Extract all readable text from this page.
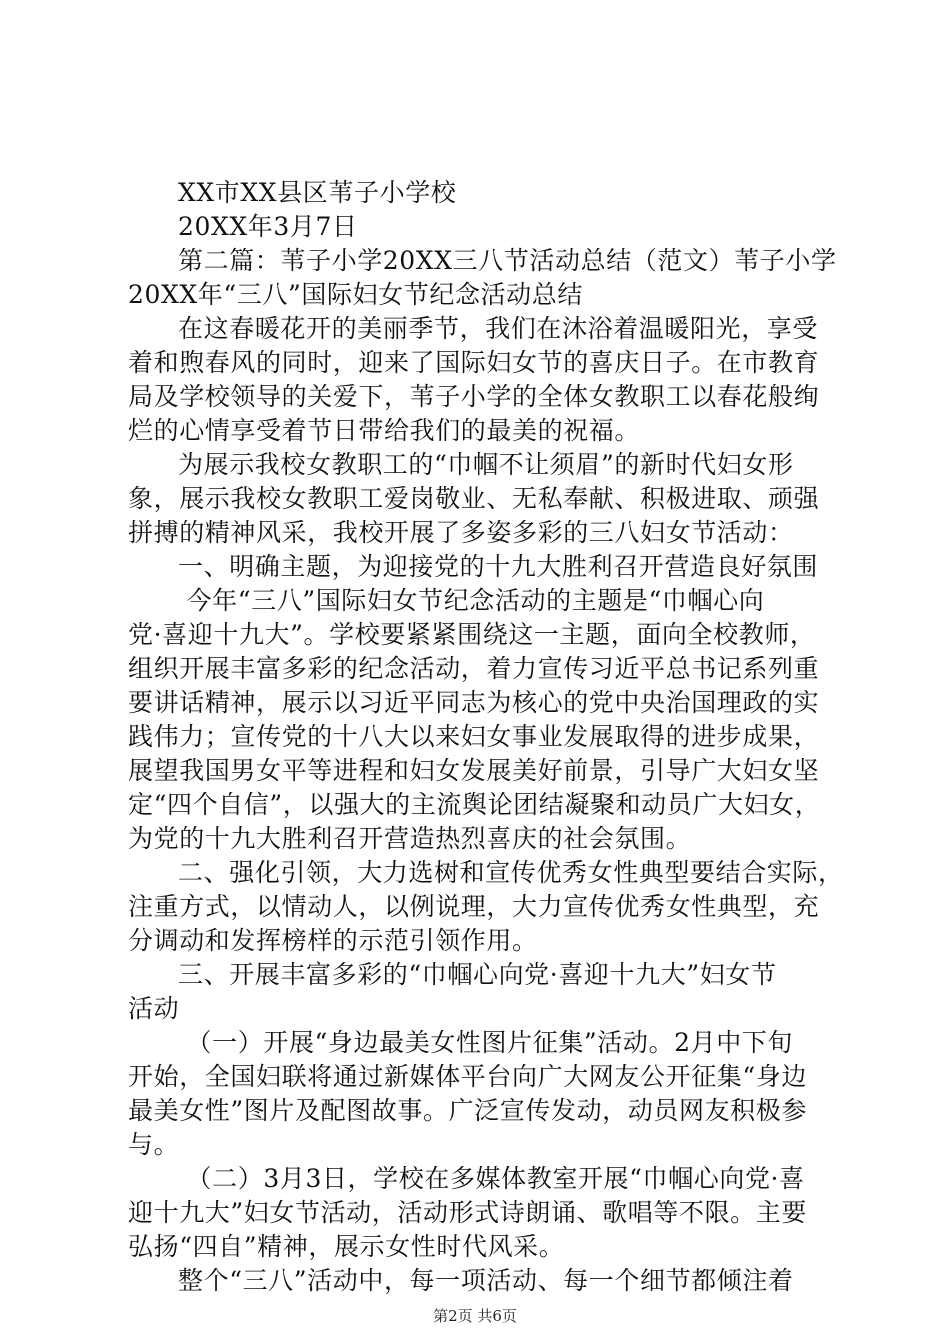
XX市XX县区苇子小学校
20XX年3月7日
第二篇：苇子小学20XX三八节活动总结（范文）苇子小学
20XX年“三八”国际妇女节纪念活动总结
在这春暖花开的美丽季节，我们在沐浴着温暖阳光，享受
着和煦春风的同时，迎来了国际妇女节的喜庆日子。在市教育
局及学校领导的关爱下，苇子小学的全体女教职工以春花般绚
烂的心情享受着节日带给我们的最美的祝福。
为展示我校女教职工的“巾帼不让须眉”的新时代妇女形
象，展示我校女教职工爱岗敬业、无私奉献、积极进取、顽强
拼搏的精神风采，我校开展了多姿多彩的三八妇女节活动：
一、明确主题，为迎接党的十九大胜利召开营造良好氛围
今年“三八”国际妇女节纪念活动的主题是“巾帼心向
党·喜迎十九大”。学校要紧紧围绕这一主题，面向全校教师，
组织开展丰富多彩的纪念活动，着力宣传习近平总书记系列重
要讲话精神，展示以习近平同志为核心的党中央治国理政的实
践伟力；宣传党的十八大以来妇女事业发展取得的进步成果，
展望我国男女平等进程和妇女发展美好前景，引导广大妇女坚
定“四个自信”，以强大的主流舆论团结凝聚和动员广大妇女，
为党的十九大胜利召开营造热烈喜庆的社会氛围。
二、强化引领，大力选树和宣传优秀女性典型要结合实际，
注重方式，以情动人，以例说理，大力宣传优秀女性典型，充
分调动和发挥榜样的示范引领作用。
三、开展丰富多彩的“巾帼心向党·喜迎十九大”妇女节
活动
（一）开展“身边最美女性图片征集”活动。2月中下旬
开始，全国妇联将通过新媒体平台向广大网友公开征集“身边
最美女性”图片及配图故事。广泛宣传发动，动员网友积极参
与。
（二）3月3日，学校在多媒体教室开展“巾帼心向党·喜
迎十九大”妇女节活动，活动形式诗朗诵、歌唱等不限。主要
弘扬“四自”精神，展示女性时代风采。
整个“三八”活动中，每一项活动、每一个细节都倾注着
第2页 共6页
